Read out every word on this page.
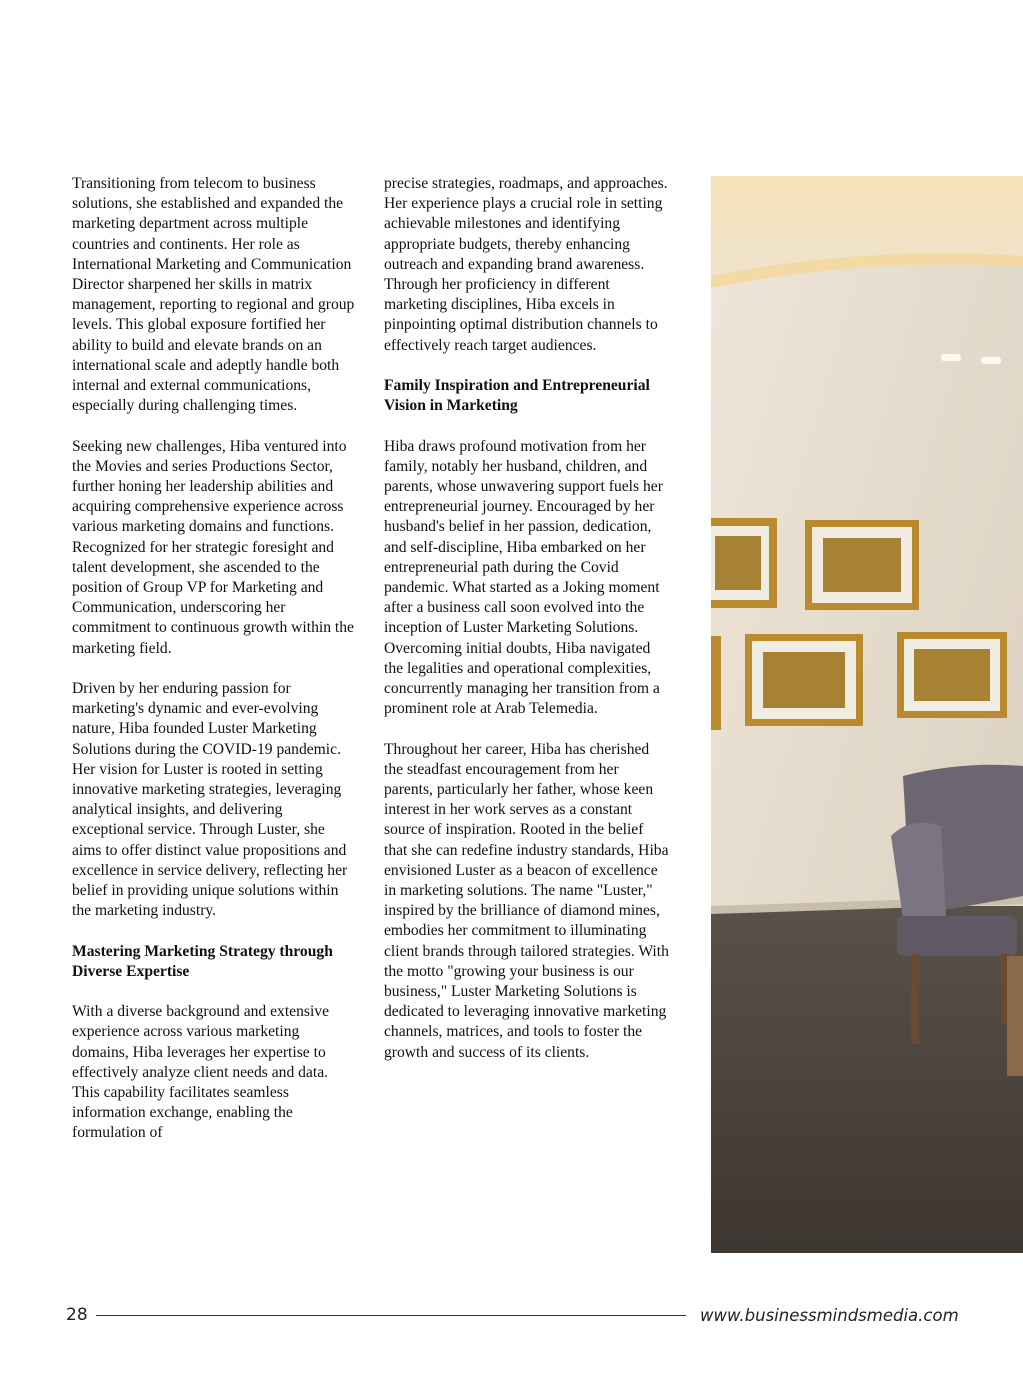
Transitioning from telecom to business solutions, she established and expanded the marketing department across multiple countries and continents. Her role as International Marketing and Communication Director sharpened her skills in matrix management, reporting to regional and group levels. This global exposure fortified her ability to build and elevate brands on an international scale and adeptly handle both internal and external communications, especially during challenging times.

Seeking new challenges, Hiba ventured into the Movies and series Productions Sector, further honing her leadership abilities and acquiring comprehensive experience across various marketing domains and functions. Recognized for her strategic foresight and talent development, she ascended to the position of Group VP for Marketing and Communication, underscoring her commitment to continuous growth within the marketing field.

Driven by her enduring passion for marketing's dynamic and ever-evolving nature, Hiba founded Luster Marketing Solutions during the COVID-19 pandemic. Her vision for Luster is rooted in setting innovative marketing strategies, leveraging analytical insights, and delivering exceptional service. Through Luster, she aims to offer distinct value propositions and excellence in service delivery, reflecting her belief in providing unique solutions within the marketing industry.

Mastering Marketing Strategy through Diverse Expertise

With a diverse background and extensive experience across various marketing domains, Hiba leverages her expertise to effectively analyze client needs and data. This capability facilitates seamless information exchange, enabling the formulation of

precise strategies, roadmaps, and approaches. Her experience plays a crucial role in setting achievable milestones and identifying appropriate budgets, thereby enhancing outreach and expanding brand awareness. Through her proficiency in different marketing disciplines, Hiba excels in pinpointing optimal distribution channels to effectively reach target audiences.

Family Inspiration and Entrepreneurial Vision in Marketing

Hiba draws profound motivation from her family, notably her husband, children, and parents, whose unwavering support fuels her entrepreneurial journey. Encouraged by her husband's belief in her passion, dedication, and self-discipline, Hiba embarked on her entrepreneurial path during the Covid pandemic. What started as a Joking moment after a business call soon evolved into the inception of Luster Marketing Solutions. Overcoming initial doubts, Hiba navigated the legalities and operational complexities, concurrently managing her transition from a prominent role at Arab Telemedia.

Throughout her career, Hiba has cherished the steadfast encouragement from her parents, particularly her father, whose keen interest in her work serves as a constant source of inspiration. Rooted in the belief that she can redefine industry standards, Hiba envisioned Luster as a beacon of excellence in marketing solutions. The name "Luster," inspired by the brilliance of diamond mines, embodies her commitment to illuminating client brands through tailored strategies. With the motto "growing your business is our business," Luster Marketing Solutions is dedicated to leveraging innovative marketing channels, matrices, and tools to foster the growth and success of its clients.

28	www.businessmindsmedia.com
